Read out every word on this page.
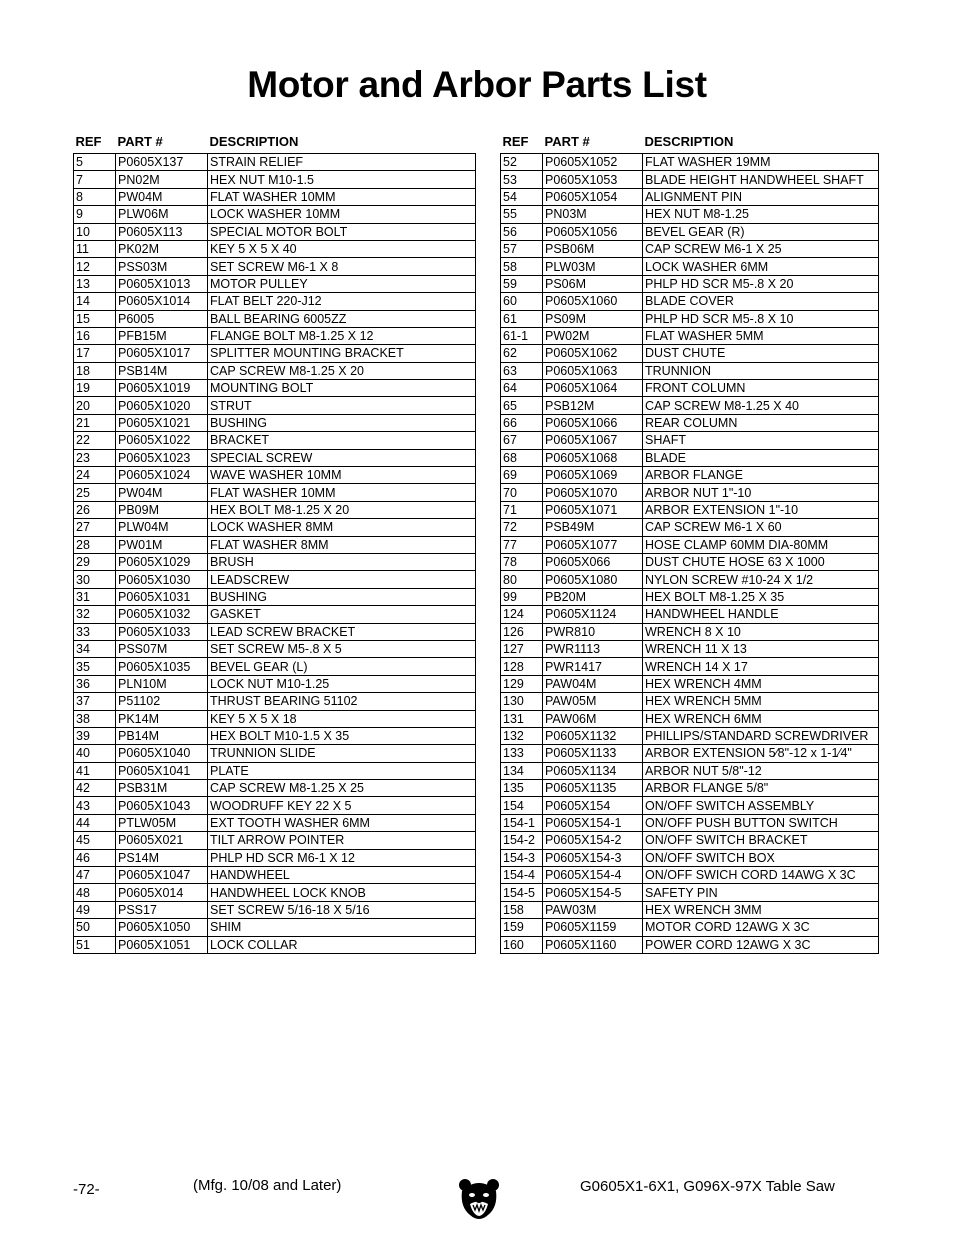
Motor and Arbor Parts List
REF	PART #	DESCRIPTION
5	P0605X137	STRAIN RELIEF
7	PN02M	HEX NUT M10-1.5
8	PW04M	FLAT WASHER 10MM
9	PLW06M	LOCK WASHER 10MM
10	P0605X113	SPECIAL MOTOR BOLT
11	PK02M	KEY 5 X 5 X 40
12	PSS03M	SET SCREW M6-1 X 8
13	P0605X1013	MOTOR PULLEY
14	P0605X1014	FLAT BELT 220-J12
15	P6005	BALL BEARING 6005ZZ
16	PFB15M	FLANGE BOLT M8-1.25 X 12
17	P0605X1017	SPLITTER MOUNTING BRACKET
18	PSB14M	CAP SCREW M8-1.25 X 20
19	P0605X1019	MOUNTING BOLT
20	P0605X1020	STRUT
21	P0605X1021	BUSHING
22	P0605X1022	BRACKET
23	P0605X1023	SPECIAL SCREW
24	P0605X1024	WAVE WASHER 10MM
25	PW04M	FLAT WASHER 10MM
26	PB09M	HEX BOLT M8-1.25 X 20
27	PLW04M	LOCK WASHER 8MM
28	PW01M	FLAT WASHER 8MM
29	P0605X1029	BRUSH
30	P0605X1030	LEADSCREW
31	P0605X1031	BUSHING
32	P0605X1032	GASKET
33	P0605X1033	LEAD SCREW BRACKET
34	PSS07M	SET SCREW M5-.8 X 5
35	P0605X1035	BEVEL GEAR (L)
36	PLN10M	LOCK NUT M10-1.25
37	P51102	THRUST BEARING 51102
38	PK14M	KEY 5 X 5 X 18
39	PB14M	HEX BOLT M10-1.5 X 35
40	P0605X1040	TRUNNION SLIDE
41	P0605X1041	PLATE
42	PSB31M	CAP SCREW M8-1.25 X 25
43	P0605X1043	WOODRUFF KEY 22 X 5
44	PTLW05M	EXT TOOTH WASHER 6MM
45	P0605X021	TILT ARROW POINTER
46	PS14M	PHLP HD SCR M6-1 X 12
47	P0605X1047	HANDWHEEL
48	P0605X014	HANDWHEEL LOCK KNOB
49	PSS17	SET SCREW 5/16-18 X 5/16
50	P0605X1050	SHIM
51	P0605X1051	LOCK COLLAR
REF	PART #	DESCRIPTION
52	P0605X1052	FLAT WASHER 19MM
53	P0605X1053	BLADE HEIGHT HANDWHEEL SHAFT
54	P0605X1054	ALIGNMENT PIN
55	PN03M	HEX NUT M8-1.25
56	P0605X1056	BEVEL GEAR (R)
57	PSB06M	CAP SCREW M6-1 X 25
58	PLW03M	LOCK WASHER 6MM
59	PS06M	PHLP HD SCR M5-.8 X 20
60	P0605X1060	BLADE COVER
61	PS09M	PHLP HD SCR M5-.8 X 10
61-1	PW02M	FLAT WASHER 5MM
62	P0605X1062	DUST CHUTE
63	P0605X1063	TRUNNION
64	P0605X1064	FRONT COLUMN
65	PSB12M	CAP SCREW M8-1.25 X 40
66	P0605X1066	REAR COLUMN
67	P0605X1067	SHAFT
68	P0605X1068	BLADE
69	P0605X1069	ARBOR FLANGE
70	P0605X1070	ARBOR NUT 1"-10
71	P0605X1071	ARBOR EXTENSION 1"-10
72	PSB49M	CAP SCREW M6-1 X 60
77	P0605X1077	HOSE CLAMP 60MM DIA-80MM
78	P0605X066	DUST CHUTE HOSE 63 X 1000
80	P0605X1080	NYLON SCREW #10-24 X 1/2
99	PB20M	HEX BOLT M8-1.25 X 35
124	P0605X1124	HANDWHEEL HANDLE
126	PWR810	WRENCH 8 X 10
127	PWR1113	WRENCH 11 X 13
128	PWR1417	WRENCH 14 X 17
129	PAW04M	HEX WRENCH 4MM
130	PAW05M	HEX WRENCH 5MM
131	PAW06M	HEX WRENCH 6MM
132	P0605X1132	PHILLIPS/STANDARD SCREWDRIVER
133	P0605X1133	ARBOR EXTENSION 5⁄8"-12 x 1-1⁄4"
134	P0605X1134	ARBOR NUT 5/8"-12
135	P0605X1135	ARBOR FLANGE 5/8"
154	P0605X154	ON/OFF SWITCH ASSEMBLY
154-1	P0605X154-1	ON/OFF PUSH BUTTON SWITCH
154-2	P0605X154-2	ON/OFF SWITCH BRACKET
154-3	P0605X154-3	ON/OFF SWITCH BOX
154-4	P0605X154-4	ON/OFF SWICH CORD 14AWG X 3C
154-5	P0605X154-5	SAFETY PIN
158	PAW03M	HEX WRENCH 3MM
159	P0605X1159	MOTOR CORD 12AWG X 3C
160	P0605X1160	POWER CORD 12AWG X 3C
-72-	(Mfg. 10/08 and Later)	G0605X1-6X1, G096X-97X Table Saw
